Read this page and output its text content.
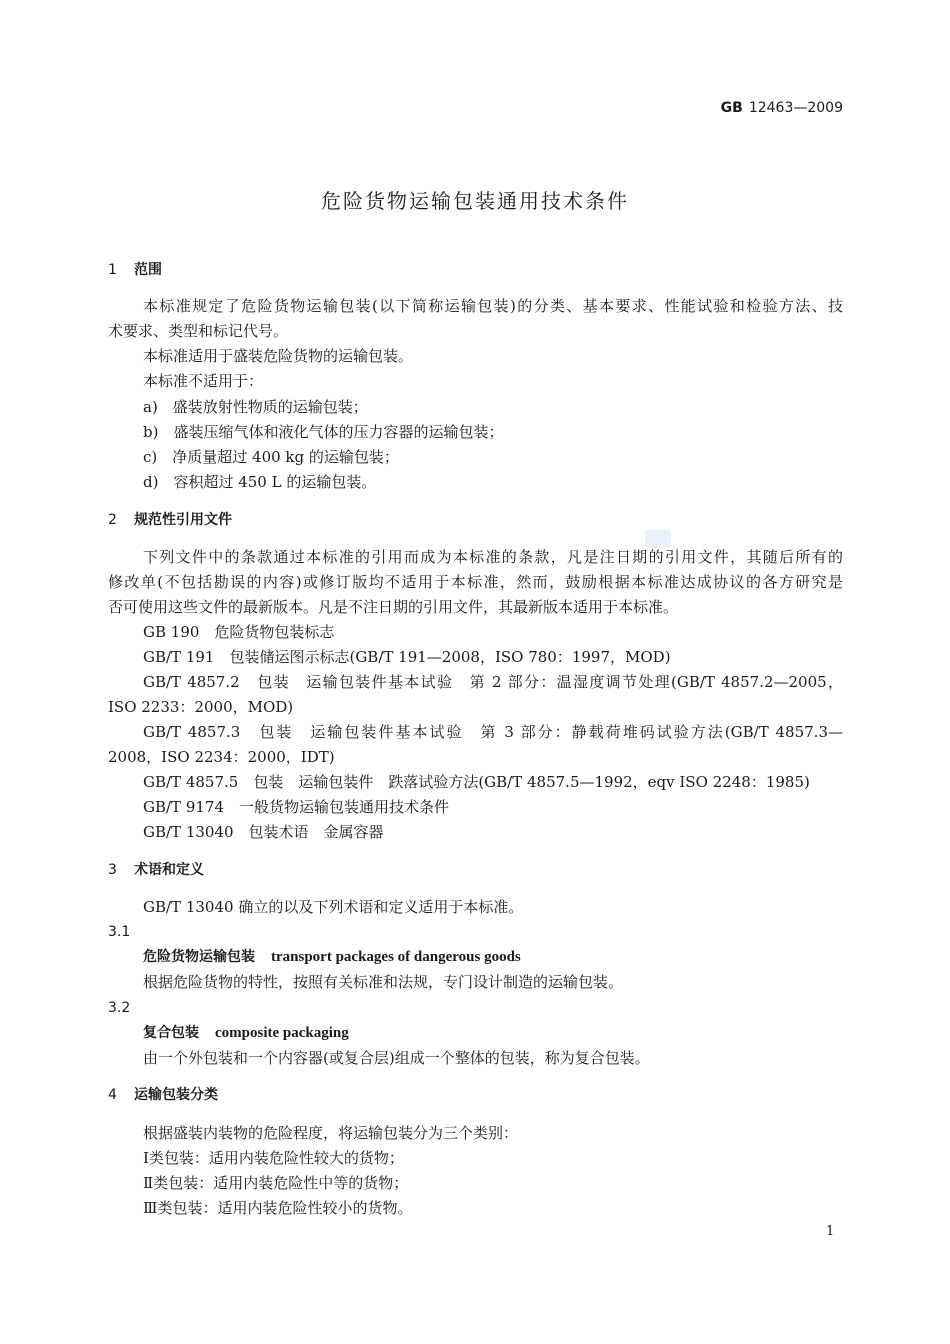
GB 12463—2009
危险货物运输包装通用技术条件
1 范围
本标准规定了危险货物运输包装(以下简称运输包装)的分类、基本要求、性能试验和检验方法、技
术要求、类型和标记代号。
本标准适用于盛装危险货物的运输包装。
本标准不适用于：
a)　盛装放射性物质的运输包装；
b)　盛装压缩气体和液化气体的压力容器的运输包装；
c)　净质量超过 400 kg 的运输包装；
d)　容积超过 450 L 的运输包装。
2 规范性引用文件
下列文件中的条款通过本标准的引用而成为本标准的条款，凡是注日期的引用文件，其随后所有的
修改单(不包括勘误的内容)或修订版均不适用于本标准，然而，鼓励根据本标准达成协议的各方研究是
否可使用这些文件的最新版本。凡是不注日期的引用文件，其最新版本适用于本标准。
GB 190　危险货物包装标志
GB/T 191　包装储运图示标志(GB/T 191—2008，ISO 780：1997，MOD)
GB/T 4857.2　包装　运输包装件基本试验　第 2 部分：温湿度调节处理(GB/T 4857.2—2005，
ISO 2233：2000，MOD)
GB/T 4857.3　包装　运输包装件基本试验　第 3 部分：静载荷堆码试验方法(GB/T 4857.3—
2008，ISO 2234：2000，IDT)
GB/T 4857.5　包装　运输包装件　跌落试验方法(GB/T 4857.5—1992，eqv ISO 2248：1985)
GB/T 9174　一般货物运输包装通用技术条件
GB/T 13040　包装术语　金属容器
3 术语和定义
GB/T 13040 确立的以及下列术语和定义适用于本标准。
3.1
危险货物运输包装 transport packages of dangerous goods
根据危险货物的特性，按照有关标准和法规，专门设计制造的运输包装。
3.2
复合包装 composite packaging
由一个外包装和一个内容器(或复合层)组成一个整体的包装，称为复合包装。
4 运输包装分类
根据盛装内装物的危险程度，将运输包装分为三个类别：
Ⅰ类包装：适用内装危险性较大的货物；
Ⅱ类包装：适用内装危险性中等的货物；
Ⅲ类包装：适用内装危险性较小的货物。
1
